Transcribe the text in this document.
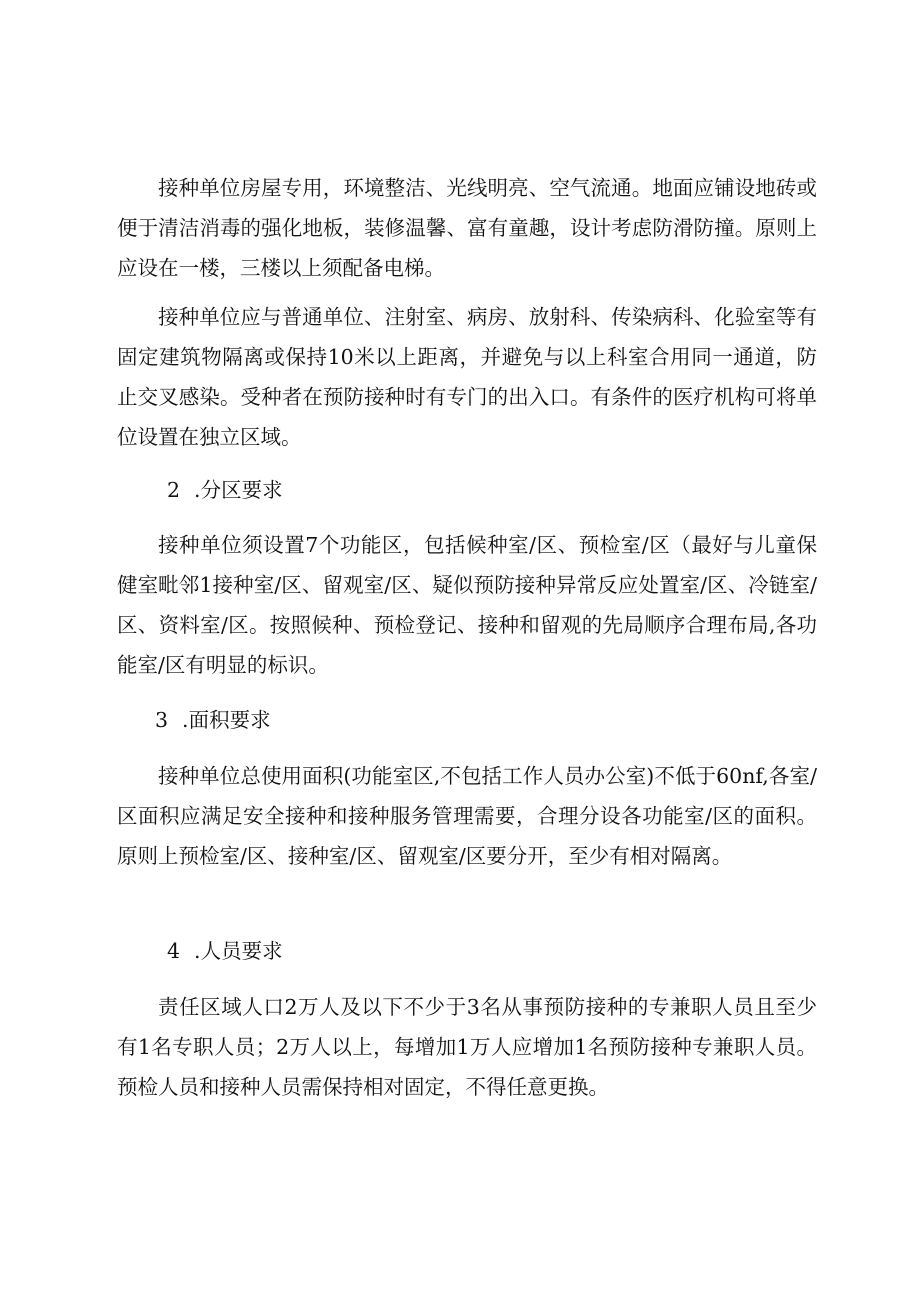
接种单位房屋专用，环境整洁、光线明亮、空气流通。地面应铺设地砖或便于清洁消毒的强化地板，装修温馨、富有童趣，设计考虑防滑防撞。原则上应设在一楼，三楼以上须配备电梯。

接种单位应与普通单位、注射室、病房、放射科、传染病科、化验室等有固定建筑物隔离或保持10米以上距离，并避免与以上科室合用同一通道，防止交叉感染。受种者在预防接种时有专门的出入口。有条件的医疗机构可将单位设置在独立区域。

2 .分区要求

接种单位须设置7个功能区，包括候种室/区、预检室/区（最好与儿童保健室毗邻1接种室/区、留观室/区、疑似预防接种异常反应处置室/区、冷链室/区、资料室/区。按照候种、预检登记、接种和留观的先局顺序合理布局,各功能室/区有明显的标识。

3 .面积要求

接种单位总使用面积(功能室区,不包括工作人员办公室)不低于60nf,各室/区面积应满足安全接种和接种服务管理需要，合理分设各功能室/区的面积。原则上预检室/区、接种室/区、留观室/区要分开，至少有相对隔离。

4 .人员要求

责任区域人口2万人及以下不少于3名从事预防接种的专兼职人员且至少有1名专职人员；2万人以上，每增加1万人应增加1名预防接种专兼职人员。预检人员和接种人员需保持相对固定，不得任意更换。
